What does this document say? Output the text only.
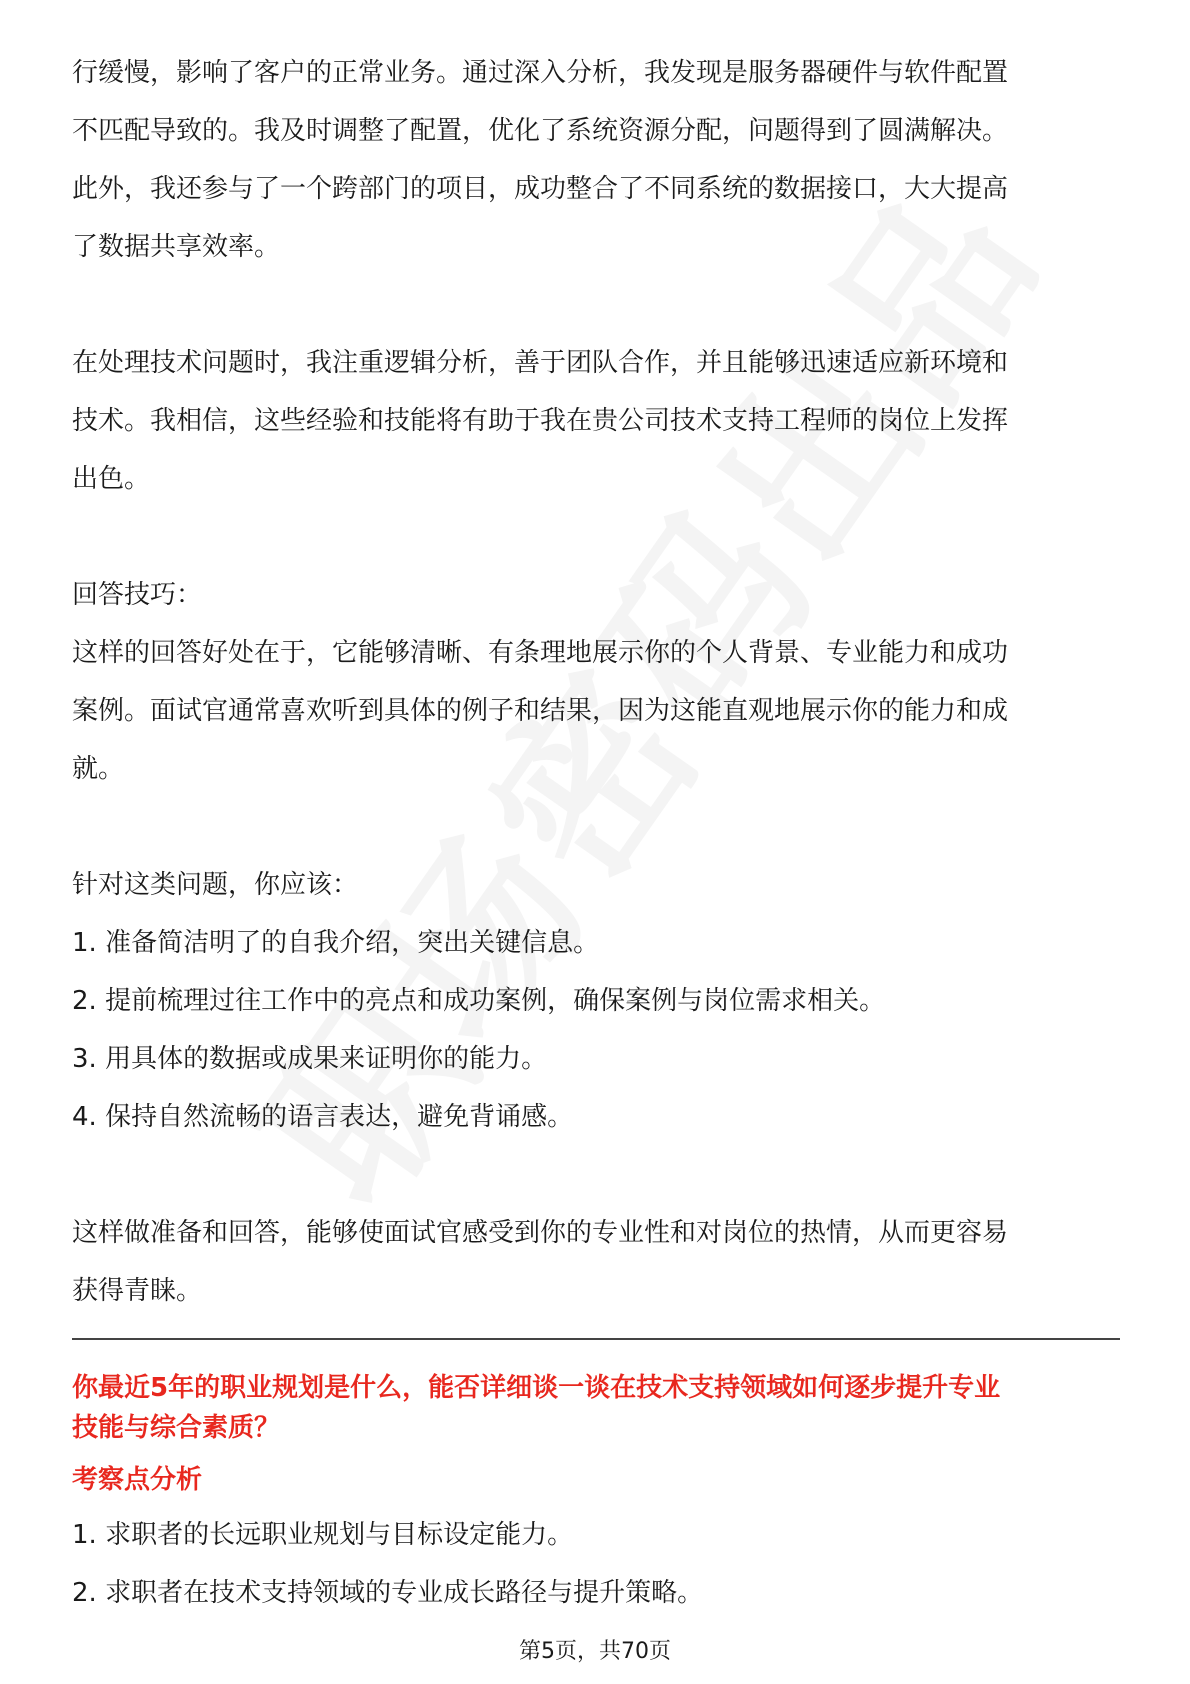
行缓慢，影响了客户的正常业务。通过深入分析，我发现是服务器硬件与软件配置

不匹配导致的。我及时调整了配置，优化了系统资源分配，问题得到了圆满解决。

此外，我还参与了一个跨部门的项目，成功整合了不同系统的数据接口，大大提高

了数据共享效率。

在处理技术问题时，我注重逻辑分析，善于团队合作，并且能够迅速适应新环境和

技术。我相信，这些经验和技能将有助于我在贵公司技术支持工程师的岗位上发挥

出色。

回答技巧：

这样的回答好处在于，它能够清晰、有条理地展示你的个人背景、专业能力和成功

案例。面试官通常喜欢听到具体的例子和结果，因为这能直观地展示你的能力和成

就。

针对这类问题，你应该：

1. 准备简洁明了的自我介绍，突出关键信息。

2. 提前梳理过往工作中的亮点和成功案例，确保案例与岗位需求相关。

3. 用具体的数据或成果来证明你的能力。

4. 保持自然流畅的语言表达，避免背诵感。

这样做准备和回答，能够使面试官感受到你的专业性和对岗位的热情，从而更容易

获得青睐。

你最近5年的职业规划是什么，能否详细谈一谈在技术支持领域如何逐步提升专业
技能与综合素质？
考察点分析

1. 求职者的长远职业规划与目标设定能力。

2. 求职者在技术支持领域的专业成长路径与提升策略。

第5页，共70页
